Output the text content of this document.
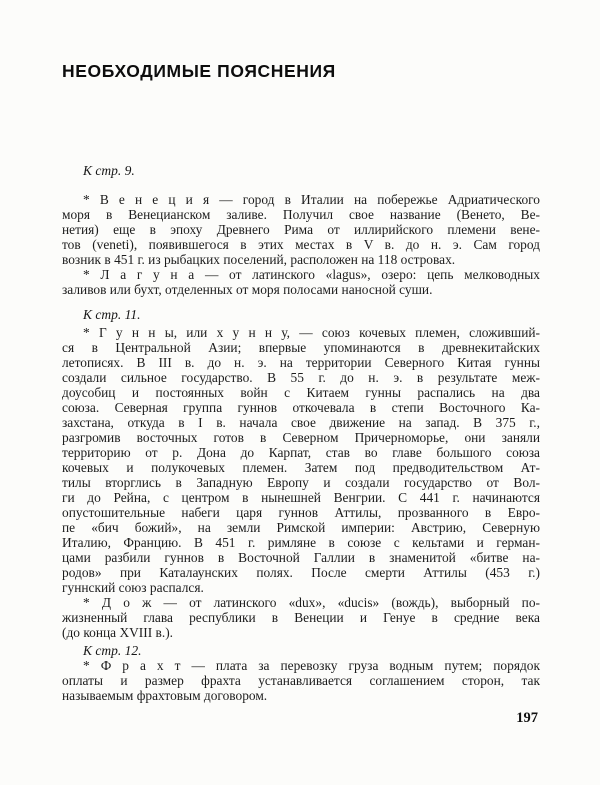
НЕОБХОДИМЫЕ ПОЯСНЕНИЯ
К стр. 9.
* В е н е ц и я — город в Италии на побережье Адриатического
моря в Венецианском заливе. Получил свое название (Венето, Ве-
нетия) еще в эпоху Древнего Рима от иллирийского племени вене-
тов (veneti), появившегося в этих местах в V в. до н. э. Сам город
возник в 451 г. из рыбацких поселений, расположен на 118 островах.
* Л а г у н а — от латинского «lagus», озеро: цепь мелководных
заливов или бухт, отделенных от моря полосами наносной суши.
К стр. 11.
* Г у н н ы, или х у н н у, — союз кочевых племен, сложивший-
ся в Центральной Азии; впервые упоминаются в древнекитайских
летописях. В III в. до н. э. на территории Северного Китая гунны
создали сильное государство. В 55 г. до н. э. в результате меж-
доусобиц и постоянных войн с Китаем гунны распались на два
союза. Северная группа гуннов откочевала в степи Восточного Ка-
захстана, откуда в I в. начала свое движение на запад. В 375 г.,
разгромив восточных готов в Северном Причерноморье, они заняли
территорию от р. Дона до Карпат, став во главе большого союза
кочевых и полукочевых племен. Затем под предводительством Ат-
тилы вторглись в Западную Европу и создали государство от Вол-
ги до Рейна, с центром в нынешней Венгрии. С 441 г. начинаются
опустошительные набеги царя гуннов Аттилы, прозванного в Евро-
пе «бич божий», на земли Римской империи: Австрию, Северную
Италию, Францию. В 451 г. римляне в союзе с кельтами и герман-
цами разбили гуннов в Восточной Галлии в знаменитой «битве на-
родов» при Каталаунских полях. После смерти Аттилы (453 г.)
гуннский союз распался.
* Д о ж — от латинского «dux», «ducis» (вождь), выборный по-
жизненный глава республики в Венеции и Генуе в средние века
(до конца XVIII в.).
К стр. 12.
* Ф р а х т — плата за перевозку груза водным путем; порядок
оплаты и размер фрахта устанавливается соглашением сторон, так
называемым фрахтовым договором.
197
